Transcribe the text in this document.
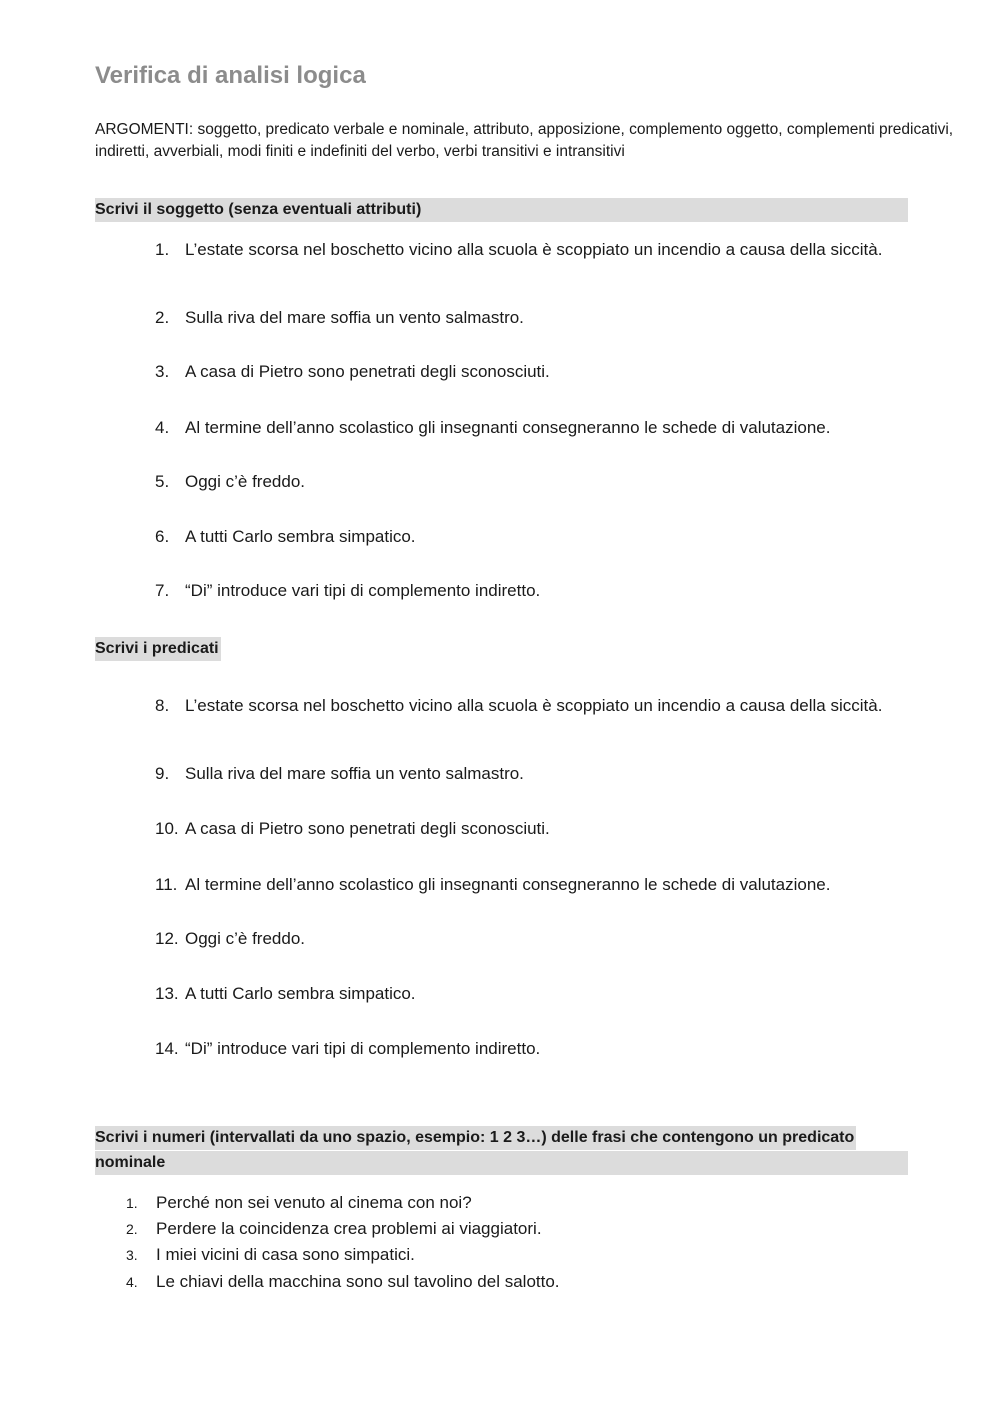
Verifica di analisi logica
ARGOMENTI: soggetto, predicato verbale e nominale, attributo, apposizione, complemento oggetto, complementi predicativi, indiretti, avverbiali, modi finiti e indefiniti del verbo, verbi transitivi e intransitivi
Scrivi il soggetto (senza eventuali attributi)
1. L’estate scorsa nel boschetto vicino alla scuola è scoppiato un incendio a causa della siccità.
2. Sulla riva del mare soffia un vento salmastro.
3. A casa di Pietro sono penetrati degli sconosciuti.
4. Al termine dell’anno scolastico gli insegnanti consegneranno le schede di valutazione.
5. Oggi c’è freddo.
6. A tutti Carlo sembra simpatico.
7. “Di” introduce vari tipi di complemento indiretto.
Scrivi i predicati
8. L’estate scorsa nel boschetto vicino alla scuola è scoppiato un incendio a causa della siccità.
9. Sulla riva del mare soffia un vento salmastro.
10. A casa di Pietro sono penetrati degli sconosciuti.
11. Al termine dell’anno scolastico gli insegnanti consegneranno le schede di valutazione.
12. Oggi c’è freddo.
13. A tutti Carlo sembra simpatico.
14. “Di” introduce vari tipi di complemento indiretto.
Scrivi i numeri (intervallati da uno spazio, esempio: 1 2 3…) delle frasi che contengono un predicato
nominale
1. Perché non sei venuto al cinema con noi?
2. Perdere la coincidenza crea problemi ai viaggiatori.
3. I miei vicini di casa sono simpatici.
4. Le chiavi della macchina sono sul tavolino del salotto.
